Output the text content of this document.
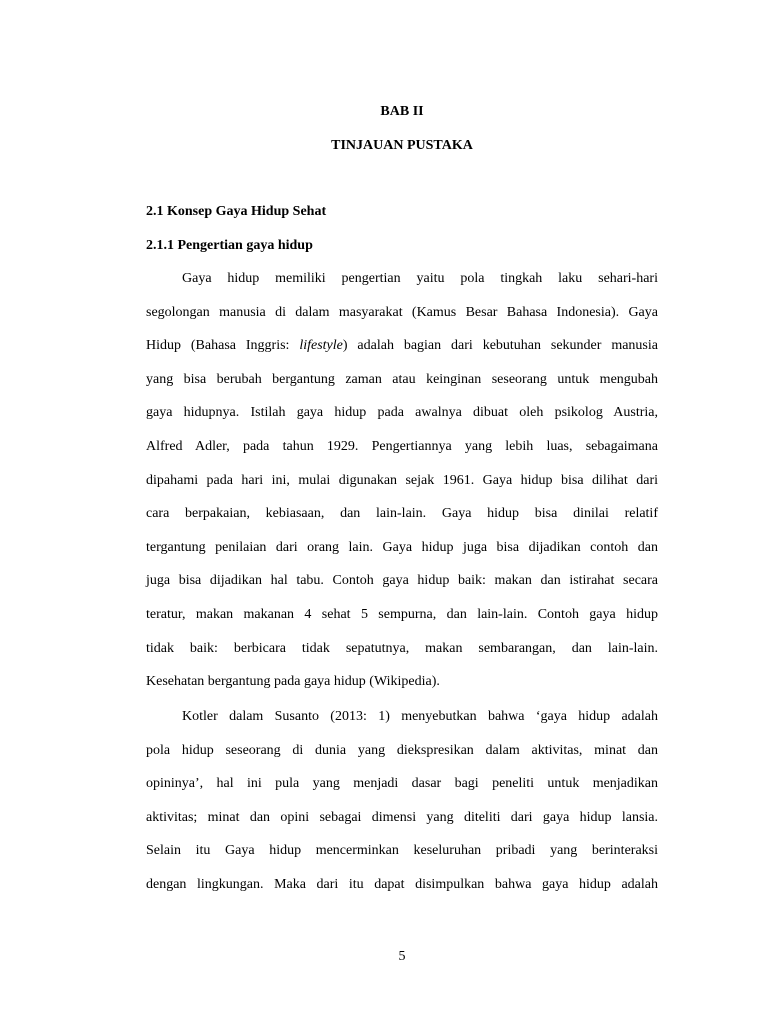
BAB II
TINJAUAN PUSTAKA
2.1 Konsep Gaya Hidup Sehat
2.1.1 Pengertian gaya hidup
Gaya hidup memiliki pengertian yaitu pola tingkah laku sehari-hari
segolongan manusia di dalam masyarakat (Kamus Besar Bahasa Indonesia). Gaya
Hidup (Bahasa Inggris: lifestyle) adalah bagian dari kebutuhan sekunder manusia
yang bisa berubah bergantung zaman atau keinginan seseorang untuk mengubah
gaya hidupnya. Istilah gaya hidup pada awalnya dibuat oleh psikolog Austria,
Alfred Adler, pada tahun 1929. Pengertiannya yang lebih luas, sebagaimana
dipahami pada hari ini, mulai digunakan sejak 1961. Gaya hidup bisa dilihat dari
cara berpakaian, kebiasaan, dan lain-lain. Gaya hidup bisa dinilai relatif
tergantung penilaian dari orang lain. Gaya hidup juga bisa dijadikan contoh dan
juga bisa dijadikan hal tabu. Contoh gaya hidup baik: makan dan istirahat secara
teratur, makan makanan 4 sehat 5 sempurna, dan lain-lain. Contoh gaya hidup
tidak baik: berbicara tidak sepatutnya, makan sembarangan, dan lain-lain.
Kesehatan bergantung pada gaya hidup (Wikipedia).
Kotler dalam Susanto (2013: 1) menyebutkan bahwa ‘gaya hidup adalah
pola hidup seseorang di dunia yang diekspresikan dalam aktivitas, minat dan
opininya’, hal ini pula yang menjadi dasar bagi peneliti untuk menjadikan
aktivitas; minat dan opini sebagai dimensi yang diteliti dari gaya hidup lansia.
Selain itu Gaya hidup mencerminkan keseluruhan pribadi yang berinteraksi
dengan lingkungan. Maka dari itu dapat disimpulkan bahwa gaya hidup adalah
5
